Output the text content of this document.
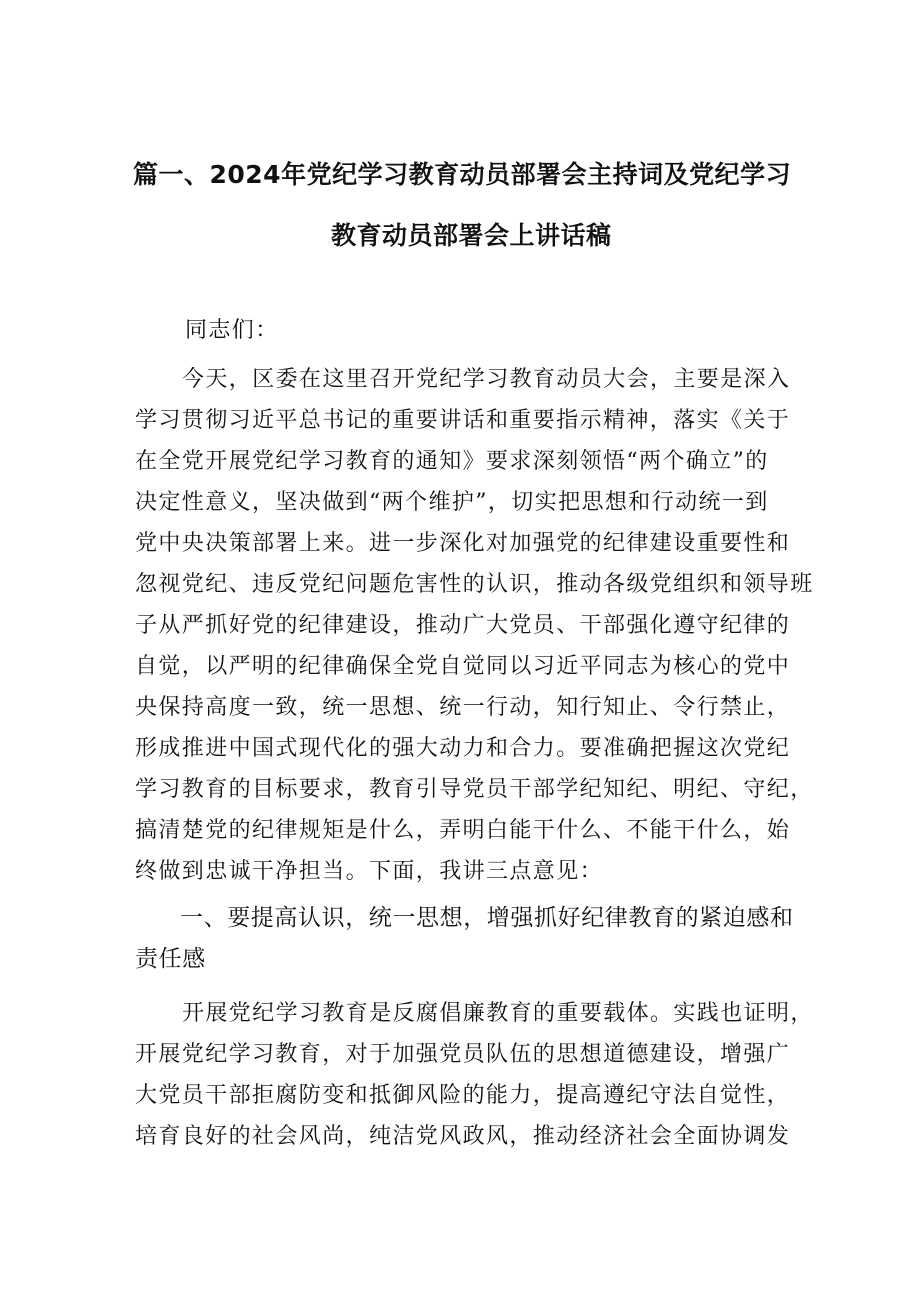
篇一、2024年党纪学习教育动员部署会主持词及党纪学习
教育动员部署会上讲话稿
同志们：
今天，区委在这里召开党纪学习教育动员大会，主要是深入
学习贯彻习近平总书记的重要讲话和重要指示精神，落实《关于
在全党开展党纪学习教育的通知》要求深刻领悟“两个确立”的
决定性意义，坚决做到“两个维护”，切实把思想和行动统一到
党中央决策部署上来。进一步深化对加强党的纪律建设重要性和
忽视党纪、违反党纪问题危害性的认识，推动各级党组织和领导班
子从严抓好党的纪律建设，推动广大党员、干部强化遵守纪律的
自觉，以严明的纪律确保全党自觉同以习近平同志为核心的党中
央保持高度一致，统一思想、统一行动，知行知止、令行禁止，
形成推进中国式现代化的强大动力和合力。要准确把握这次党纪
学习教育的目标要求，教育引导党员干部学纪知纪、明纪、守纪，
搞清楚党的纪律规矩是什么，弄明白能干什么、不能干什么，始
终做到忠诚干净担当。下面，我讲三点意见：
一、要提高认识，统一思想，增强抓好纪律教育的紧迫感和
责任感
开展党纪学习教育是反腐倡廉教育的重要载体。实践也证明，
开展党纪学习教育，对于加强党员队伍的思想道德建设，增强广
大党员干部拒腐防变和抵御风险的能力，提高遵纪守法自觉性，
培育良好的社会风尚，纯洁党风政风，推动经济社会全面协调发
